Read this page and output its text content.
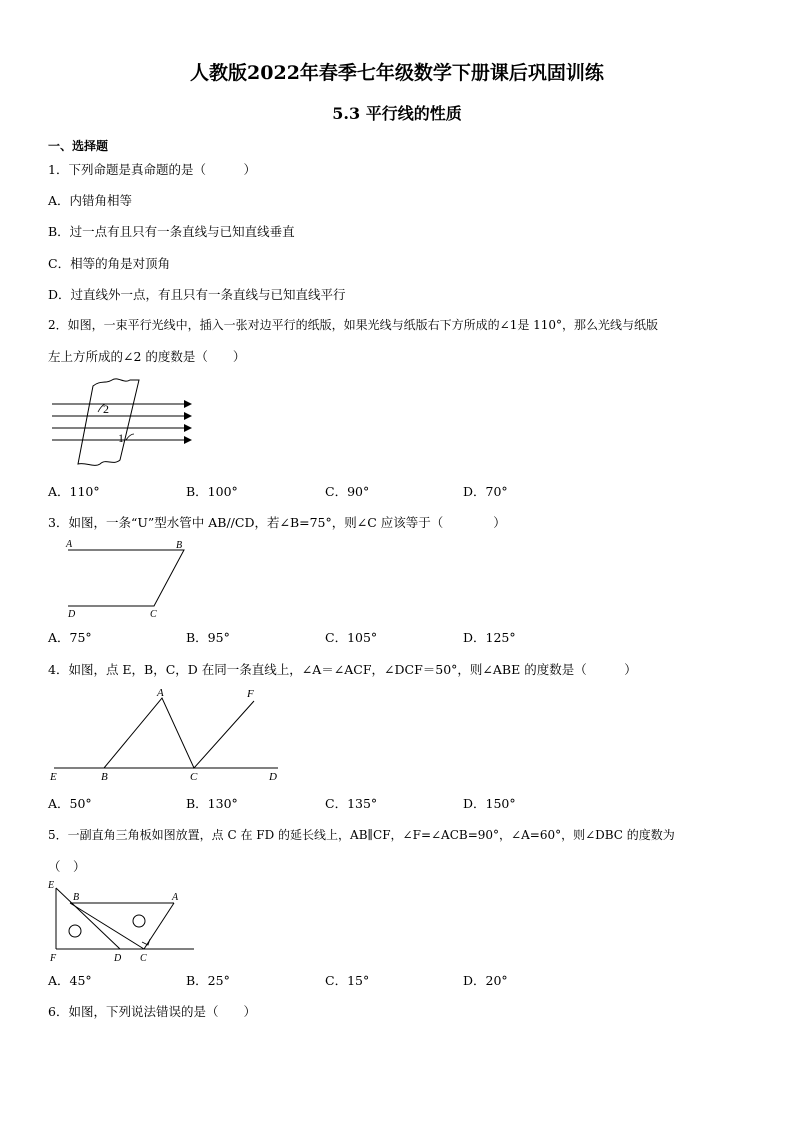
人教版2022年春季七年级数学下册课后巩固训练
5.3 平行线的性质
一、选择题
1．下列命题是真命题的是（　　　）
A．内错角相等
B．过一点有且只有一条直线与已知直线垂直
C．相等的角是对顶角
D．过直线外一点，有且只有一条直线与已知直线平行
2．如图，一束平行光线中，插入一张对边平行的纸版，如果光线与纸版右下方所成的∠1是 110°，那么光线与纸版
左上方所成的∠2 的度数是（　　）
2
1
A．110°	B．100°	C．90°	D．70°
3．如图，一条“U”型水管中 AB//CD，若∠B=75°，则∠C 应该等于（　　　　）
A	B
D	C
A．75°	B．95°	C．105°	D．125°
4．如图，点 E，B，C，D 在同一条直线上，∠A＝∠ACF，∠DCF＝50°，则∠ABE 的度数是（　　　）
A	F
E	B	C	D
A．50°	B．130°	C．135°	D．150°
5．一副直角三角板如图放置，点 C 在 FD 的延长线上，AB∥CF，∠F=∠ACB=90°，∠A=60°，则∠DBC 的度数为
（　）
E
B	A
F	D C
A．45°	B．25°	C．15°	D．20°
6．如图，下列说法错误的是（　　）
